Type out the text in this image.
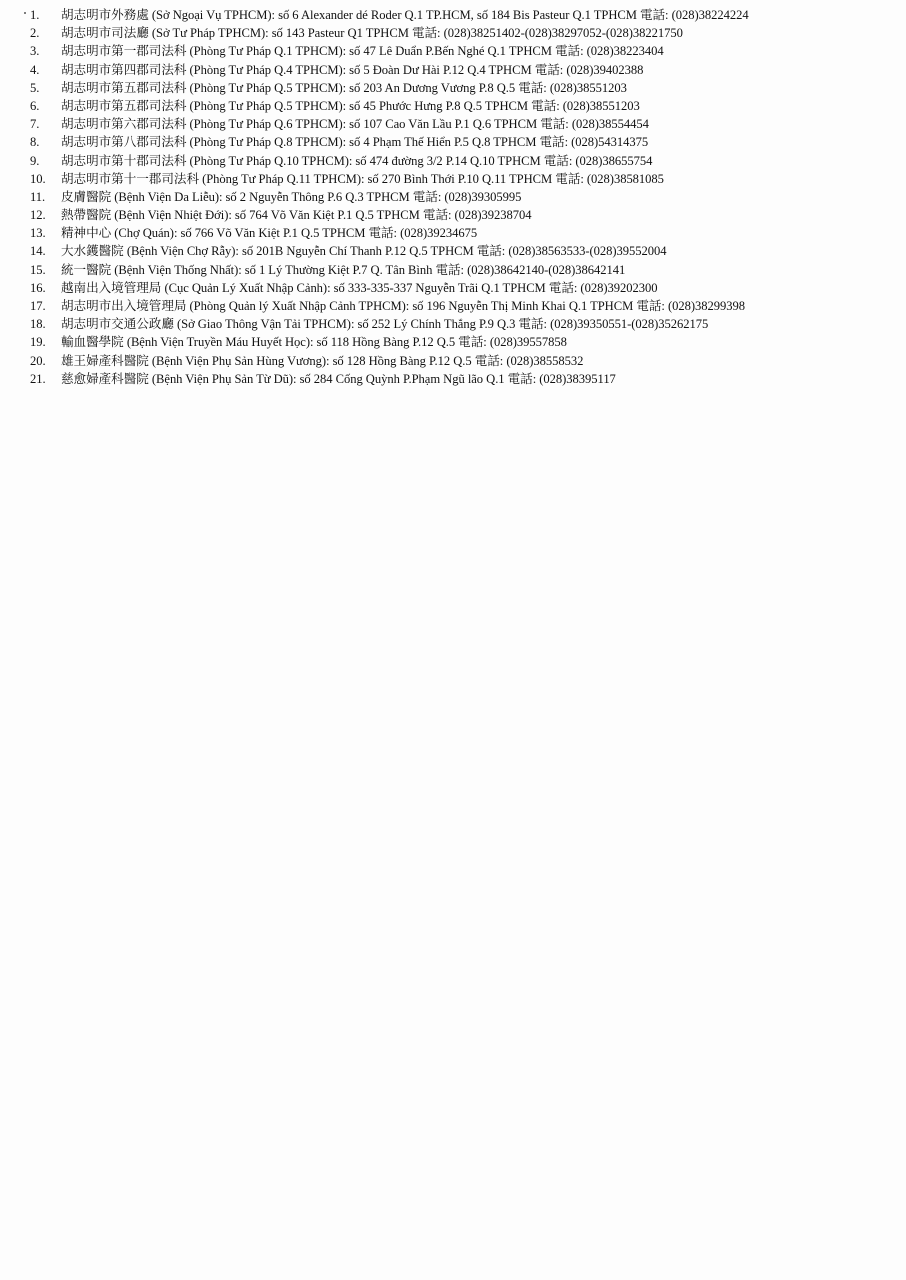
1.	胡志明市外務處 (Sở Ngoại Vụ TPHCM): số 6 Alexander dé Roder Q.1 TP.HCM, số 184 Bis Pasteur Q.1 TPHCM 電話: (028)38224224
2.	胡志明市司法廳 (Sở Tư Pháp TPHCM): số 143 Pasteur Q1 TPHCM 電話: (028)38251402-(028)38297052-(028)38221750
3.	胡志明市第一郡司法科 (Phòng Tư Pháp Q.1 TPHCM): số 47 Lê Duẩn P.Bến Nghé Q.1 TPHCM 電話: (028)38223404
4.	胡志明市第四郡司法科 (Phòng Tư Pháp Q.4 TPHCM): số 5 Đoàn Dư Hài P.12 Q.4 TPHCM 電話: (028)39402388
5.	胡志明市第五郡司法科 (Phòng Tư Pháp Q.5 TPHCM): số 203 An Dương Vương P.8 Q.5 電話: (028)38551203
6.	胡志明市第五郡司法科 (Phòng Tư Pháp Q.5 TPHCM): số 45 Phước Hưng P.8 Q.5 TPHCM 電話: (028)38551203
7.	胡志明市第六郡司法科 (Phòng Tư Pháp Q.6 TPHCM): số 107 Cao Văn Lầu P.1 Q.6 TPHCM 電話: (028)38554454
8.	胡志明市第八郡司法科 (Phòng Tư Pháp Q.8 TPHCM): số 4 Phạm Thế Hiển P.5 Q.8 TPHCM 電話: (028)54314375
9.	胡志明市第十郡司法科 (Phòng Tư Pháp Q.10 TPHCM): số 474 đường 3/2 P.14 Q.10 TPHCM 電話: (028)38655754
10.	胡志明市第十一郡司法科 (Phòng Tư Pháp Q.11 TPHCM): số 270 Bình Thới P.10 Q.11 TPHCM 電話: (028)38581085
11.	皮膚醫院 (Bệnh Viện Da Liễu): số 2 Nguyễn Thông P.6 Q.3 TPHCM 電話: (028)39305995
12.	熱帶醫院 (Bệnh Viện Nhiệt Đới): số 764 Võ Văn Kiệt P.1 Q.5 TPHCM 電話: (028)39238704
13.	精神中心 (Chợ Quán): số 766 Võ Văn Kiệt P.1 Q.5 TPHCM 電話: (028)39234675
14.	大水鑊醫院 (Bệnh Viện Chợ Rẫy): số 201B Nguyễn Chí Thanh P.12 Q.5 TPHCM 電話: (028)38563533-(028)39552004
15.	統一醫院 (Bệnh Viện Thống Nhất): số 1 Lý Thường Kiệt P.7 Q. Tân Bình 電話: (028)38642140-(028)38642141
16.	越南出入境管理局 (Cục Quản Lý Xuất Nhập Cảnh): số 333-335-337 Nguyễn Trãi Q.1 TPHCM 電話: (028)39202300
17.	胡志明市出入境管理局 (Phòng Quản lý Xuất Nhập Cảnh TPHCM): số 196 Nguyễn Thị Minh Khai Q.1 TPHCM 電話: (028)38299398
18.	胡志明市交通公政廳 (Sở Giao Thông Vận Tải TPHCM): số 252 Lý Chính Thắng P.9 Q.3 電話: (028)39350551-(028)35262175
19.	輸血醫學院 (Bệnh Viện Truyền Máu Huyết Học): số 118 Hồng Bàng P.12 Q.5 電話: (028)39557858
20.	雄王婦產科醫院 (Bệnh Viện Phụ Sản Hùng Vương): số 128 Hồng Bàng P.12 Q.5 電話: (028)38558532
21.	慈愈婦產科醫院 (Bệnh Viện Phụ Sản Từ Dũ): số 284 Cống Quỳnh P.Phạm Ngũ lão Q.1 電話: (028)38395117
